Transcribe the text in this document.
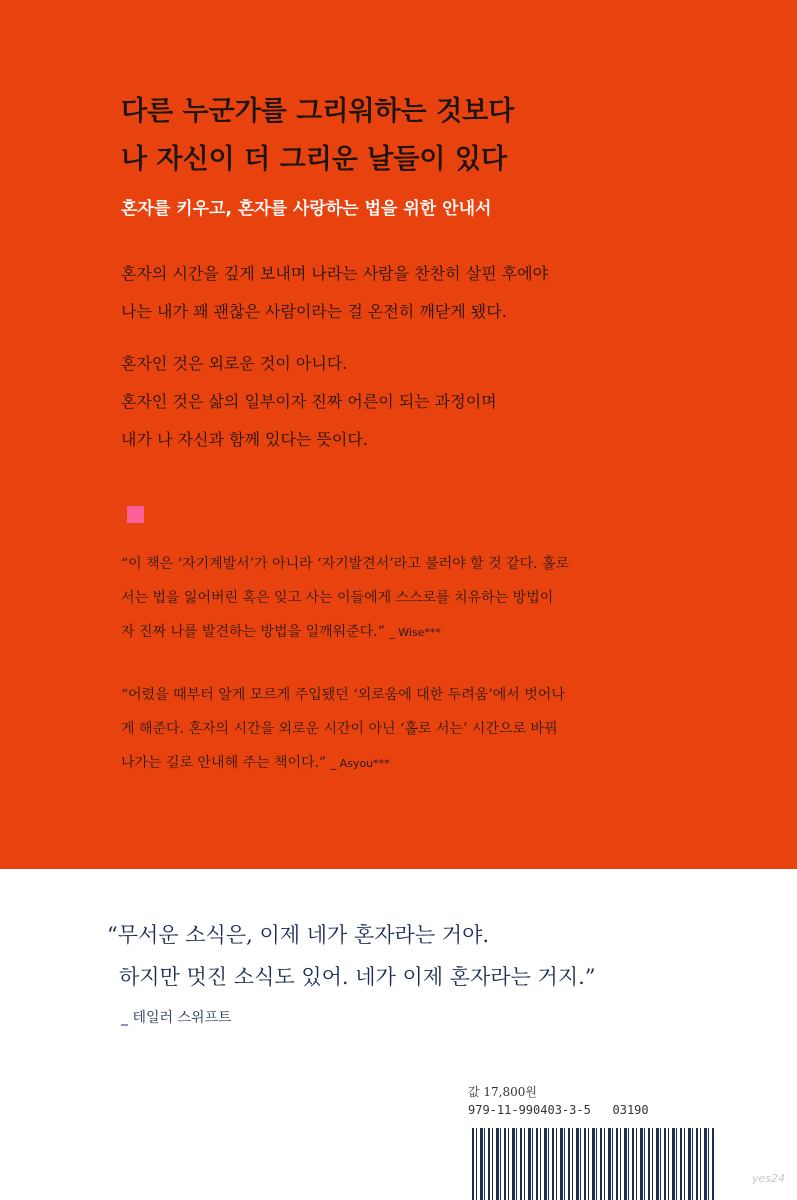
다른 누군가를 그리워하는 것보다
나 자신이 더 그리운 날들이 있다

혼자를 키우고, 혼자를 사랑하는 법을 위한 안내서

혼자의 시간을 깊게 보내며 나라는 사람을 찬찬히 살핀 후에야
나는 내가 꽤 괜찮은 사람이라는 걸 온전히 깨닫게 됐다.

혼자인 것은 외로운 것이 아니다.
혼자인 것은 삶의 일부이자 진짜 어른이 되는 과정이며
내가 나 자신과 함께 있다는 뜻이다.

“이 책은 ‘자기계발서’가 아니라 ‘자기발견서’라고 불러야 할 것 같다. 홀로
서는 법을 잃어버린 혹은 잊고 사는 이들에게 스스로를 치유하는 방법이
자 진짜 나를 발견하는 방법을 일깨워준다.” _ Wise***

“어렸을 때부터 알게 모르게 주입됐던 ‘외로움에 대한 두려움’에서 벗어나
게 해준다. 혼자의 시간을 외로운 시간이 아닌 ‘홀로 서는’ 시간으로 바꿔
나가는 길로 안내해 주는 책이다.” _ Asyou***

“무서운 소식은, 이제 네가 혼자라는 거야.
하지만 멋진 소식도 있어. 네가 이제 혼자라는 거지.”

_ 테일러 스위프트

값 17,800원

979-11-990403-3-5   03190

yes24
